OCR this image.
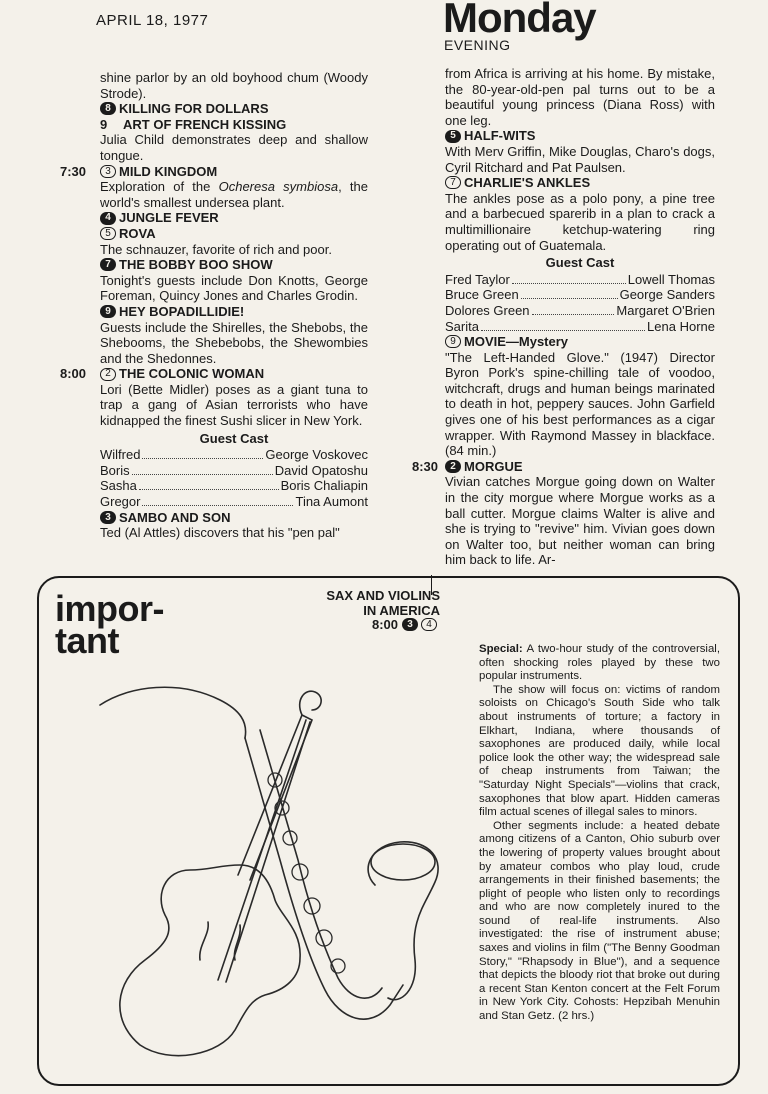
APRIL 18, 1977	Monday
EVENING

shine parlor by an old boyhood chum (Woody Strode).

8 KILLING FOR DOLLARS
9	ART OF FRENCH KISSING

Julia Child demonstrates deep and shallow tongue.

7:30	3 MILD KINGDOM

Exploration of the Ocheresa symbiosa, the world's smallest undersea plant.

4 JUNGLE FEVER
5 ROVA

The schnauzer, favorite of rich and poor.

7 THE BOBBY BOO SHOW

Tonight's guests include Don Knotts, George Foreman, Quincy Jones and Charles Grodin.

9 HEY BOPADILLIDIE!

Guests include the Shirelles, the Shebobs, the Shebooms, the Shebebobs, the Shewombies and the Shedonnes.

8:00	2 THE COLONIC WOMAN

Lori (Bette Midler) poses as a giant tuna to trap a gang of Asian terrorists who have kidnapped the finest Sushi slicer in New York.

Guest Cast
Wilfred	George Voskovec
Boris	David Opatoshu
Sasha	Boris Chaliapin
Gregor	Tina Aumont
3 SAMBO AND SON

Ted (Al Attles) discovers that his "pen pal"

from Africa is arriving at his home. By mistake, the 80-year-old-pen pal turns out to be a beautiful young princess (Diana Ross) with one leg.

5 HALF-WITS

With Merv Griffin, Mike Douglas, Charo's dogs, Cyril Ritchard and Pat Paulsen.

7 CHARLIE'S ANKLES

The ankles pose as a polo pony, a pine tree and a barbecued sparerib in a plan to crack a multimillionaire ketchup-watering ring operating out of Guatemala.

Guest Cast
Fred Taylor	Lowell Thomas
Bruce Green	George Sanders
Dolores Green	Margaret O'Brien
Sarita	Lena Horne
9 MOVIE—Mystery

"The Left-Handed Glove." (1947) Director Byron Pork's spine-chilling tale of voodoo, witchcraft, drugs and human beings marinated to death in hot, peppery sauces. John Garfield gives one of his best performances as a cigar wrapper. With Raymond Massey in blackface. (84 min.)

8:30	2 MORGUE

Vivian catches Morgue going down on Walter in the city morgue where Morgue works as a ball cutter. Morgue claims Walter is alive and she is trying to "revive" him. Vivian goes down on Walter too, but neither woman can bring him back to life. Ar-

impor-
tant
SAX AND VIOLINS IN AMERICA
8:00 3	4

Special: A two-hour study of the controversial, often shocking roles played by these two popular instruments.

The show will focus on: victims of random soloists on Chicago's South Side who talk about instruments of torture; a factory in Elkhart, Indiana, where thousands of saxophones are produced daily, while local police look the other way; the widespread sale of cheap instruments from Taiwan; the "Saturday Night Specials"—violins that crack, saxophones that blow apart. Hidden cameras film actual scenes of illegal sales to minors.

Other segments include: a heated debate among citizens of a Canton, Ohio suburb over the lowering of property values brought about by amateur combos who play loud, crude arrangements in their finished basements; the plight of people who listen only to recordings and who are now completely inured to the sound of real-life instruments. Also investigated: the rise of instrument abuse; saxes and violins in film ("The Benny Goodman Story," "Rhapsody in Blue"), and a sequence that depicts the bloody riot that broke out during a recent Stan Kenton concert at the Felt Forum in New York City. Cohosts: Hepzibah Menuhin and Stan Getz. (2 hrs.)
